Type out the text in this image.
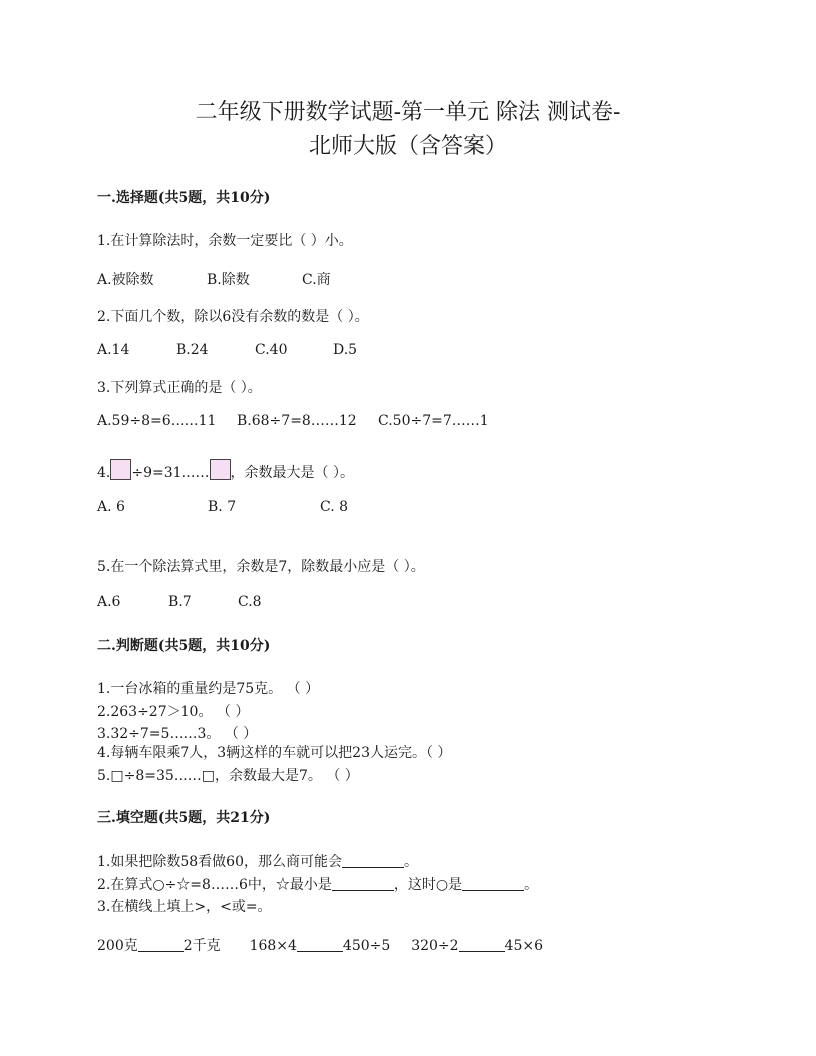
二年级下册数学试题-第一单元 除法 测试卷-
北师大版（含答案）
一.选择题(共5题，共10分)
1.在计算除法时，余数一定要比（ ）小。
A.被除数	B.除数	C.商
2.下面几个数，除以6没有余数的数是（ ）。
A.14	B.24	C.40	D.5
3.下列算式正确的是（ ）。
A.59÷8=6……11 B.68÷7=8……12 C.50÷7=7……1
4. ÷9=31…… ，余数最大是（ ）。
A. 6	B. 7	C. 8
5.在一个除法算式里，余数是7，除数最小应是（ ）。
A.6	B.7	C.8
二.判断题(共5题，共10分)
1.一台冰箱的重量约是75克。 （ ）
2.263÷27＞10。 （ ）
3.32÷7=5……3。 （ ）
4.每辆车限乘7人，3辆这样的车就可以把23人运完。（ ）
5.□÷8=35……□，余数最大是7。 （ ）
三.填空题(共5题，共21分)
1.如果把除数58看做60，那么商可能会	。
2.在算式○÷☆=8……6中，☆最小是	，这时○是	。
3.在横线上填上>，<或=。
200克	2千克 168×4	450÷5 320÷2	45×6
